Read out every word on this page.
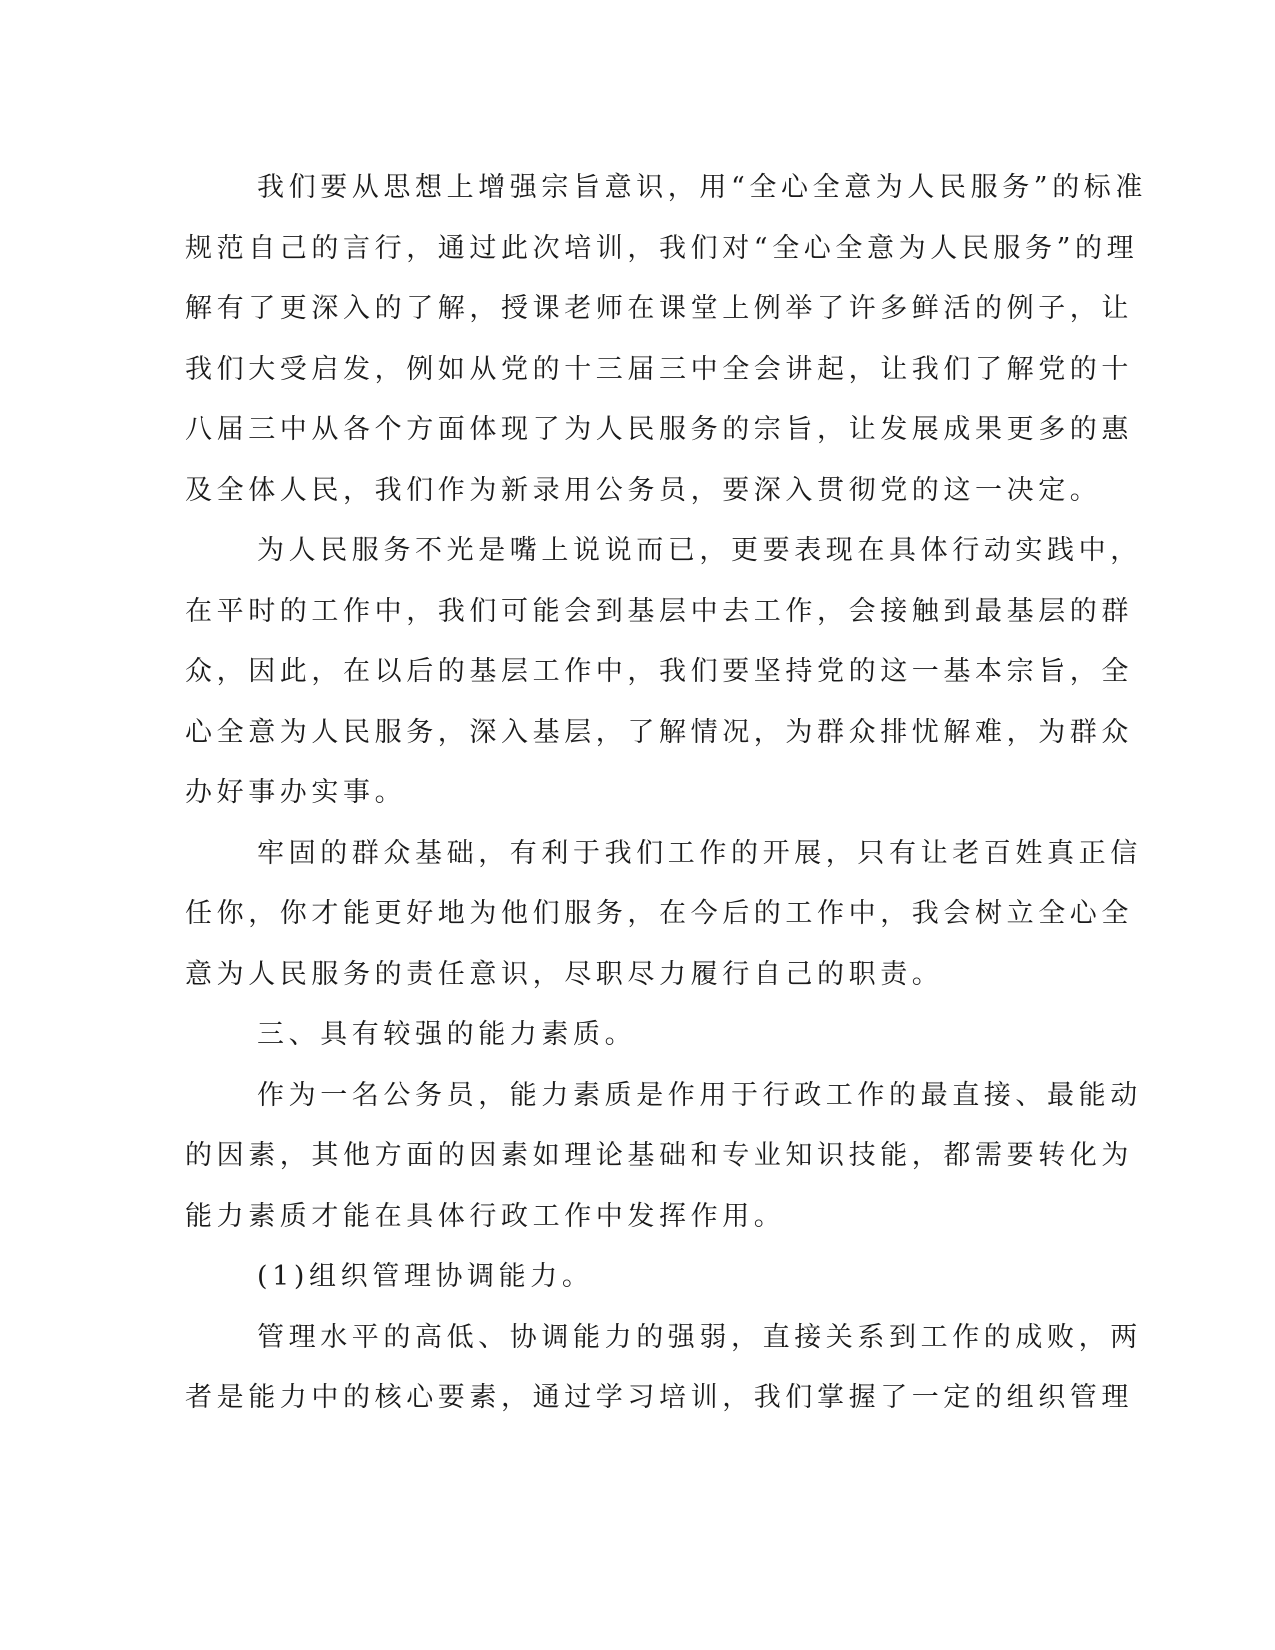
我们要从思想上增强宗旨意识，用“全心全意为人民服务”的标准
规范自己的言行，通过此次培训，我们对“全心全意为人民服务”的理
解有了更深入的了解，授课老师在课堂上例举了许多鲜活的例子，让
我们大受启发，例如从党的十三届三中全会讲起，让我们了解党的十
八届三中从各个方面体现了为人民服务的宗旨，让发展成果更多的惠
及全体人民，我们作为新录用公务员，要深入贯彻党的这一决定。
为人民服务不光是嘴上说说而已，更要表现在具体行动实践中，
在平时的工作中，我们可能会到基层中去工作，会接触到最基层的群
众，因此，在以后的基层工作中，我们要坚持党的这一基本宗旨，全
心全意为人民服务，深入基层，了解情况，为群众排忧解难，为群众
办好事办实事。
牢固的群众基础，有利于我们工作的开展，只有让老百姓真正信
任你，你才能更好地为他们服务，在今后的工作中，我会树立全心全
意为人民服务的责任意识，尽职尽力履行自己的职责。
三、具有较强的能力素质。
作为一名公务员，能力素质是作用于行政工作的最直接、最能动
的因素，其他方面的因素如理论基础和专业知识技能，都需要转化为
能力素质才能在具体行政工作中发挥作用。
(1)组织管理协调能力。
管理水平的高低、协调能力的强弱，直接关系到工作的成败，两
者是能力中的核心要素，通过学习培训，我们掌握了一定的组织管理
